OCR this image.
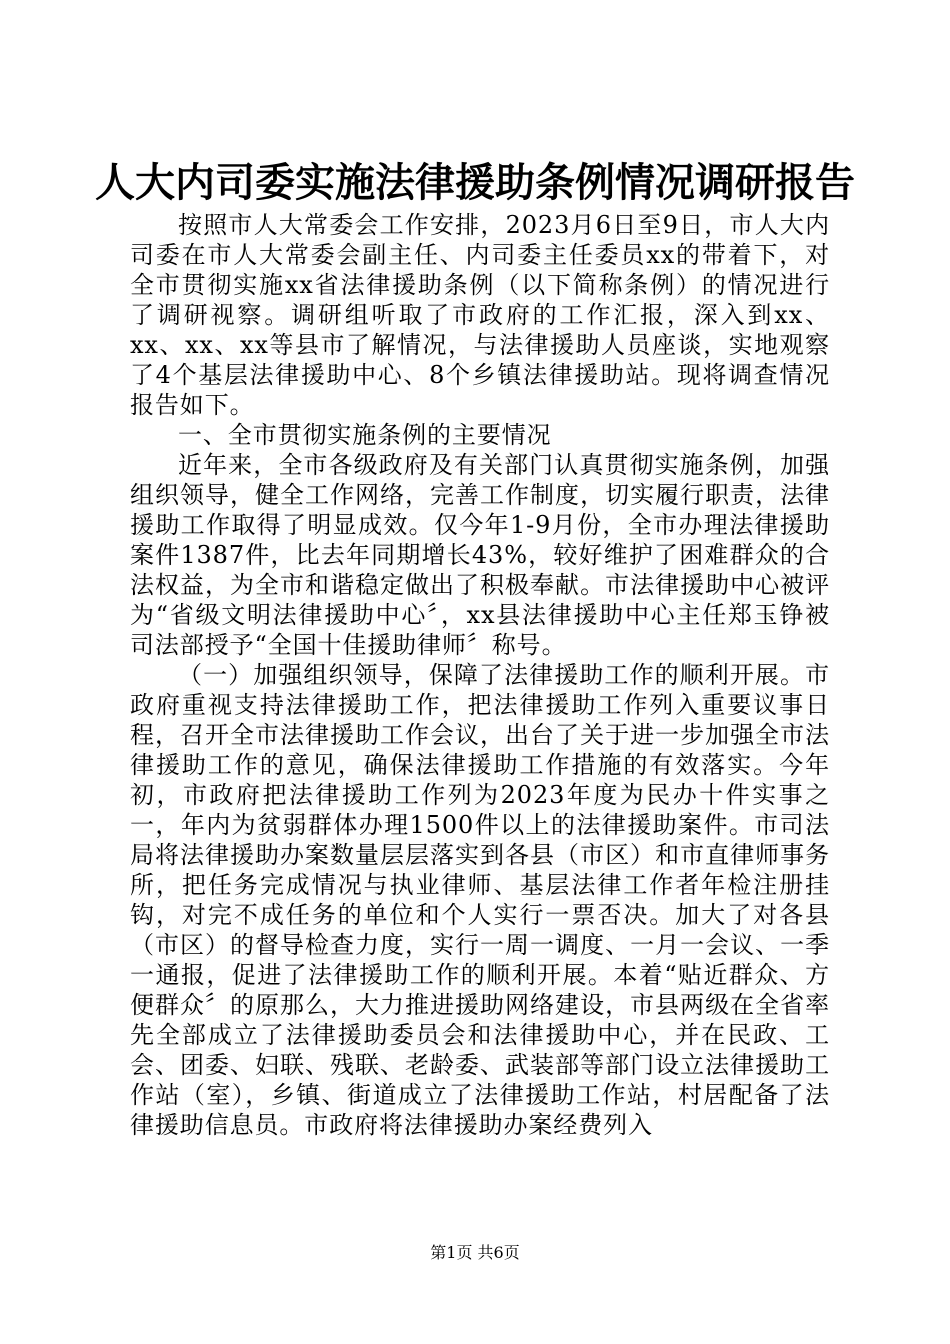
人大内司委实施法律援助条例情况调研报告

按照市人大常委会工作安排，2023月6日至9日，市人大内司委在市人大常委会副主任、内司委主任委员xx的带着下，对全市贯彻实施xx省法律援助条例（以下简称条例）的情况进行了调研视察。调研组听取了市政府的工作汇报，深入到xx、xx、xx、xx等县市了解情况，与法律援助人员座谈，实地观察了4个基层法律援助中心、8个乡镇法律援助站。现将调查情况报告如下。

一、全市贯彻实施条例的主要情况

近年来，全市各级政府及有关部门认真贯彻实施条例，加强组织领导，健全工作网络，完善工作制度，切实履行职责，法律援助工作取得了明显成效。仅今年1-9月份，全市办理法律援助案件1387件，比去年同期增长43%，较好维护了困难群众的合法权益，为全市和谐稳定做出了积极奉献。市法律援助中心被评为“省级文明法律援助中心〞，xx县法律援助中心主任郑玉铮被司法部授予“全国十佳援助律师〞称号。

（一）加强组织领导，保障了法律援助工作的顺利开展。市政府重视支持法律援助工作，把法律援助工作列入重要议事日程，召开全市法律援助工作会议，出台了关于进一步加强全市法律援助工作的意见，确保法律援助工作措施的有效落实。今年初，市政府把法律援助工作列为2023年度为民办十件实事之一，年内为贫弱群体办理1500件以上的法律援助案件。市司法局将法律援助办案数量层层落实到各县（市区）和市直律师事务所，把任务完成情况与执业律师、基层法律工作者年检注册挂钩，对完不成任务的单位和个人实行一票否决。加大了对各县（市区）的督导检查力度，实行一周一调度、一月一会议、一季一通报，促进了法律援助工作的顺利开展。本着“贴近群众、方便群众〞的原那么，大力推进援助网络建设，市县两级在全省率先全部成立了法律援助委员会和法律援助中心，并在民政、工会、团委、妇联、残联、老龄委、武装部等部门设立法律援助工作站（室），乡镇、街道成立了法律援助工作站，村居配备了法律援助信息员。市政府将法律援助办案经费列入

第1页 共6页
